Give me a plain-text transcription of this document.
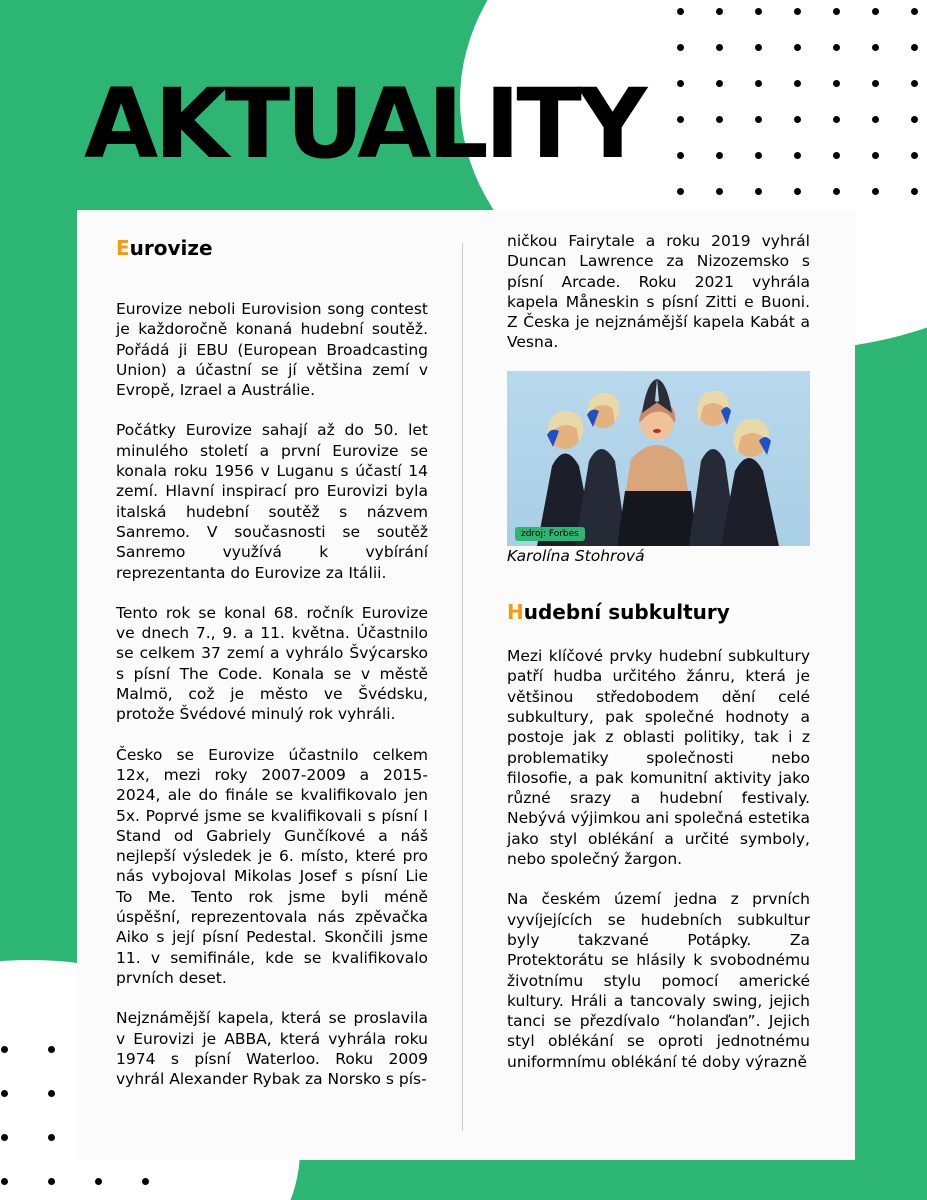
AKTUALITY
Eurovize

Eurovize neboli Eurovision song contest je každoročně konaná hudební soutěž. Pořádá ji EBU (European Broadcasting Union) a účastní se jí většina zemí v Evropě, Izrael a Austrálie.

Počátky Eurovize sahají až do 50. let minulého století a první Eurovize se konala roku 1956 v Luganu s účastí 14 zemí. Hlavní inspirací pro Eurovizi byla italská hudební soutěž s názvem Sanremo. V současnosti se soutěž Sanremo využívá k vybírání reprezentanta do Eurovize za Itálii.

Tento rok se konal 68. ročník Eurovize ve dnech 7., 9. a 11. května. Účastnilo se celkem 37 zemí a vyhrálo Švýcarsko s písní The Code. Konala se v městě Malmö, což je město ve Švédsku, protože Švédové minulý rok vyhráli.

Česko se Eurovize účastnilo celkem 12x, mezi roky 2007-2009 a 2015-2024, ale do finále se kvalifikovalo jen 5x. Poprvé jsme se kvalifikovali s písní I Stand od Gabriely Gunčíkové a náš nejlepší výsledek je 6. místo, které pro nás vybojoval Mikolas Josef s písní Lie To Me. Tento rok jsme byli méně úspěšní, reprezentovala nás zpěvačka Aiko s její písní Pedestal. Skončili jsme 11. v semifinále, kde se kvalifikovalo prvních deset.

Nejznámější kapela, která se proslavila v Eurovizi je ABBA, která vyhrála roku 1974 s písní Waterloo. Roku 2009 vyhrál Alexander Rybak za Norsko s pís-

ničkou Fairytale a roku 2019 vyhrál Duncan Lawrence za Nizozemsko s písní Arcade. Roku 2021 vyhrála kapela Måneskin s písní Zitti e Buoni. Z Česka je nejznámější kapela Kabát a Vesna.

zdroj: Forbes

Karolína Stohrová

Hudební subkultury

Mezi klíčové prvky hudební subkultury patří hudba určitého žánru, která je většinou středobodem dění celé subkultury, pak společné hodnoty a postoje jak z oblasti politiky, tak i z problematiky společnosti nebo filosofie, a pak komunitní aktivity jako různé srazy a hudební festivaly. Nebývá výjimkou ani společná estetika jako styl oblékání a určité symboly, nebo společný žargon.

Na českém území jedna z prvních vyvíjejících se hudebních subkultur byly takzvané Potápky. Za Protektorátu se hlásily k svobodnému životnímu stylu pomocí americké kultury. Hráli a tancovaly swing, jejich tanci se přezdívalo “holanďan”. Jejich styl oblékání se oproti jednotnému uniformnímu oblékání té doby výrazně
